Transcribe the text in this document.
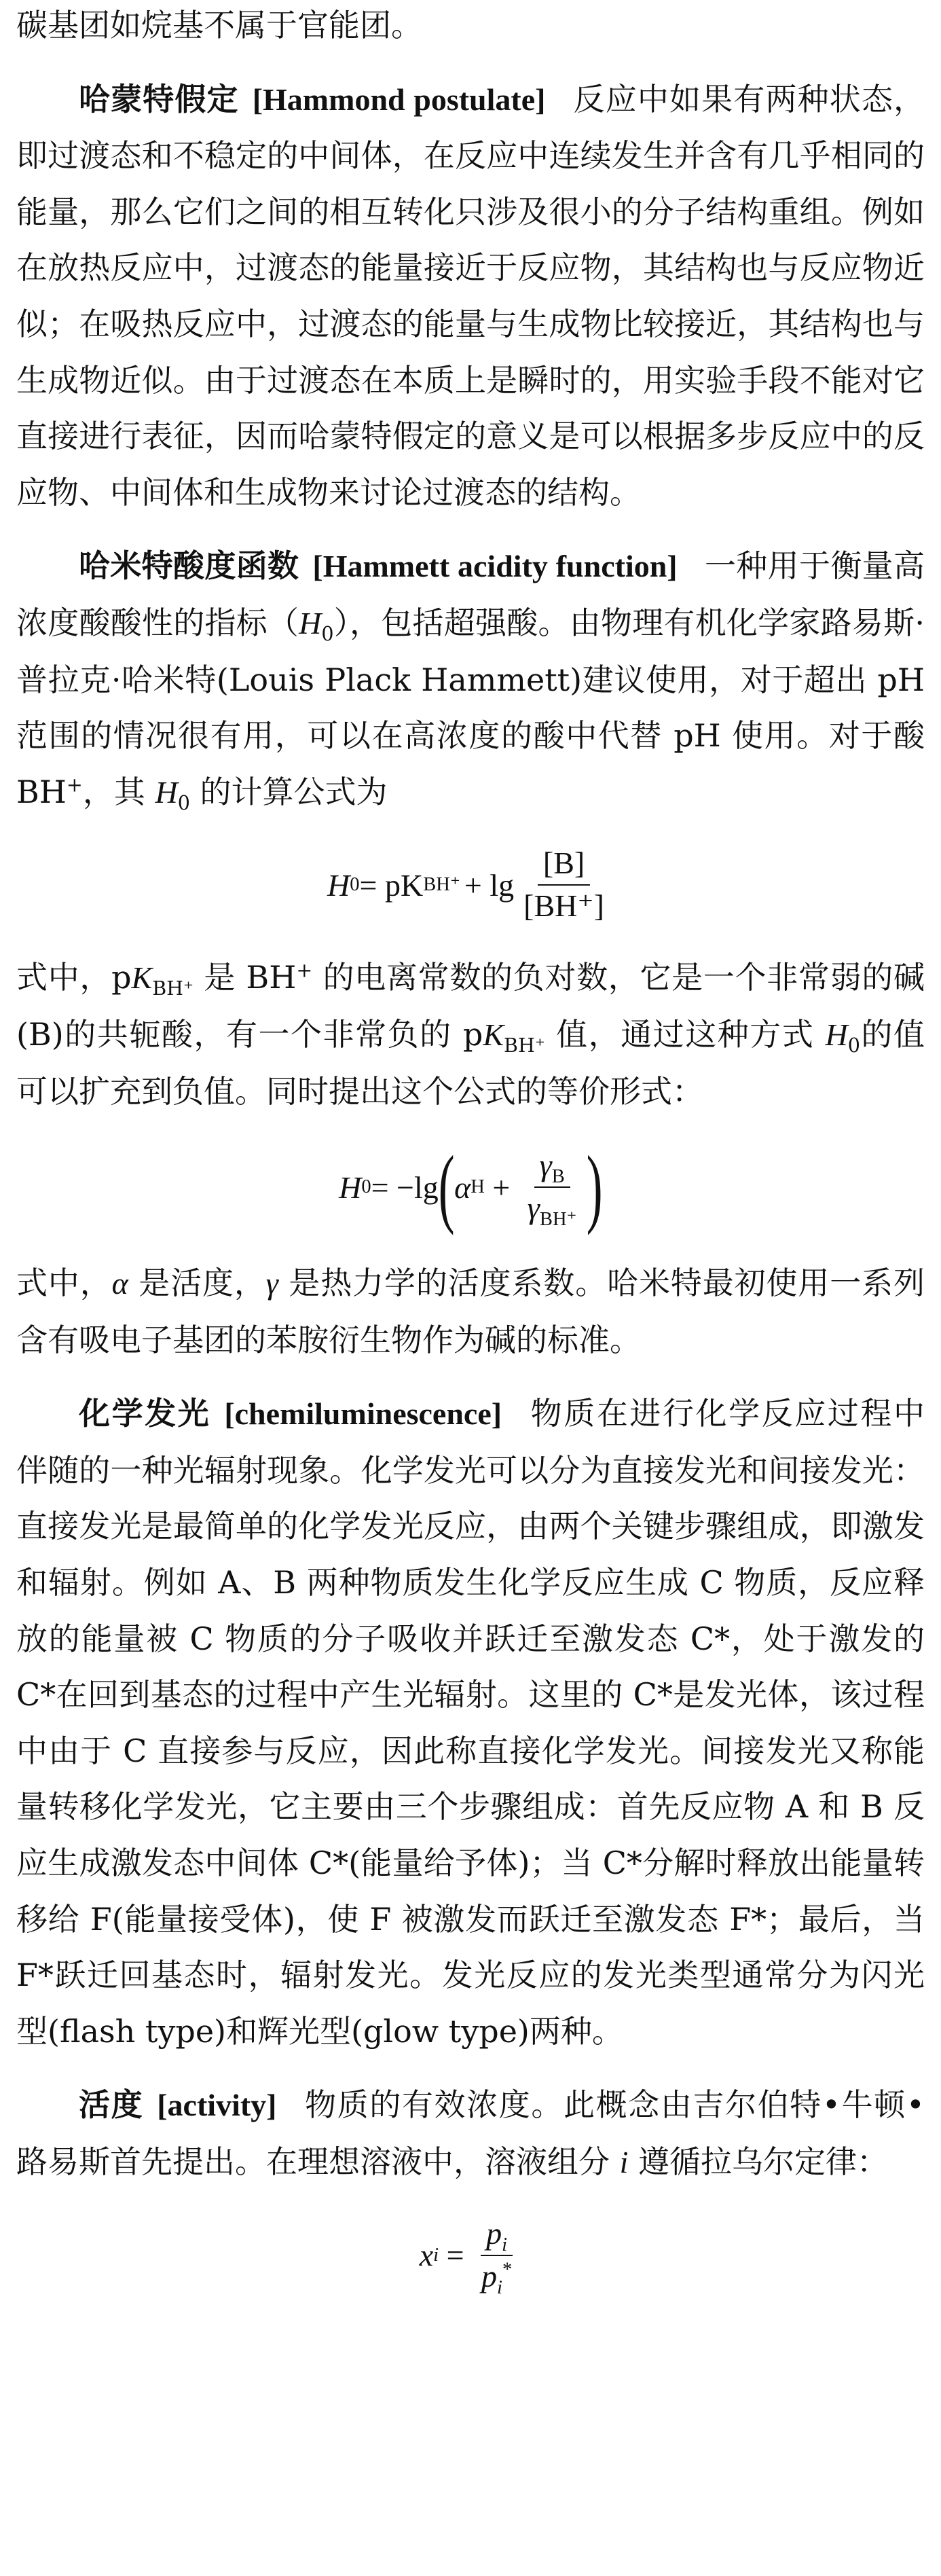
碳基团如烷基不属于官能团。

哈蒙特假定 [Hammond postulate] 反应中如果有两种状态，即过渡态和不稳定的中间体，在反应中连续发生并含有几乎相同的能量，那么它们之间的相互转化只涉及很小的分子结构重组。例如在放热反应中，过渡态的能量接近于反应物，其结构也与反应物近似；在吸热反应中，过渡态的能量与生成物比较接近，其结构也与生成物近似。由于过渡态在本质上是瞬时的，用实验手段不能对它直接进行表征，因而哈蒙特假定的意义是可以根据多步反应中的反应物、中间体和生成物来讨论过渡态的结构。

哈米特酸度函数 [Hammett acidity function] 一种用于衡量高浓度酸酸性的指标$(H_0)$，包括超强酸。由物理有机化学家路易斯·普拉克·哈米特(Louis Plack Hammett)建议使用，对于超出 pH 范围的情况很有用，可以在高浓度的酸中代替 pH 使用。对于酸 BH+，其 $H_0$ 的计算公式为

H 0 = pK $BH^+ + \lg \frac{[B]}{[BH^+]}$

式中，$pK_{BH^+}$ 是 BH+ 的电离常数的负对数，它是一个非常弱的碱(B)的共轭酸，有一个非常负的 $pK_{BH^+}$ 值，通过这种方式 $H_0$的值可以扩充到负值。同时提出这个公式的等价形式：

H 0 = −lg ( α $H + \frac{\gamma_B}{\gamma_{BH^+}}$ )

式中，α 是活度，γ 是热力学的活度系数。哈米特最初使用一系列含有吸电子基团的苯胺衍生物作为碱的标准。

化学发光 [chemiluminescence] 物质在进行化学反应过程中伴随的一种光辐射现象。化学发光可以分为直接发光和间接发光：直接发光是最简单的化学发光反应，由两个关键步骤组成，即激发和辐射。例如 A、B 两种物质发生化学反应生成 C 物质，反应释放的能量被 C 物质的分子吸收并跃迁至激发态 C*，处于激发的 C*在回到基态的过程中产生光辐射。这里的 C*是发光体，该过程中由于 C 直接参与反应，因此称直接化学发光。间接发光又称能量转移化学发光，它主要由三个步骤组成：首先反应物 A 和 B 反应生成激发态中间体 C*(能量给予体)；当 C*分解时释放出能量转移给 F(能量接受体)，使 F 被激发而跃迁至激发态 F*；最后，当 F*跃迁回基态时，辐射发光。发光反应的发光类型通常分为闪光型(flash type)和辉光型(glow type)两种。

活度 [activity] 物质的有效浓度。此概念由吉尔伯特•牛顿•路易斯首先提出。在理想溶液中，溶液组分 i 遵循拉乌尔定律：

x $i = \frac{p_i}{p_i^*}$
